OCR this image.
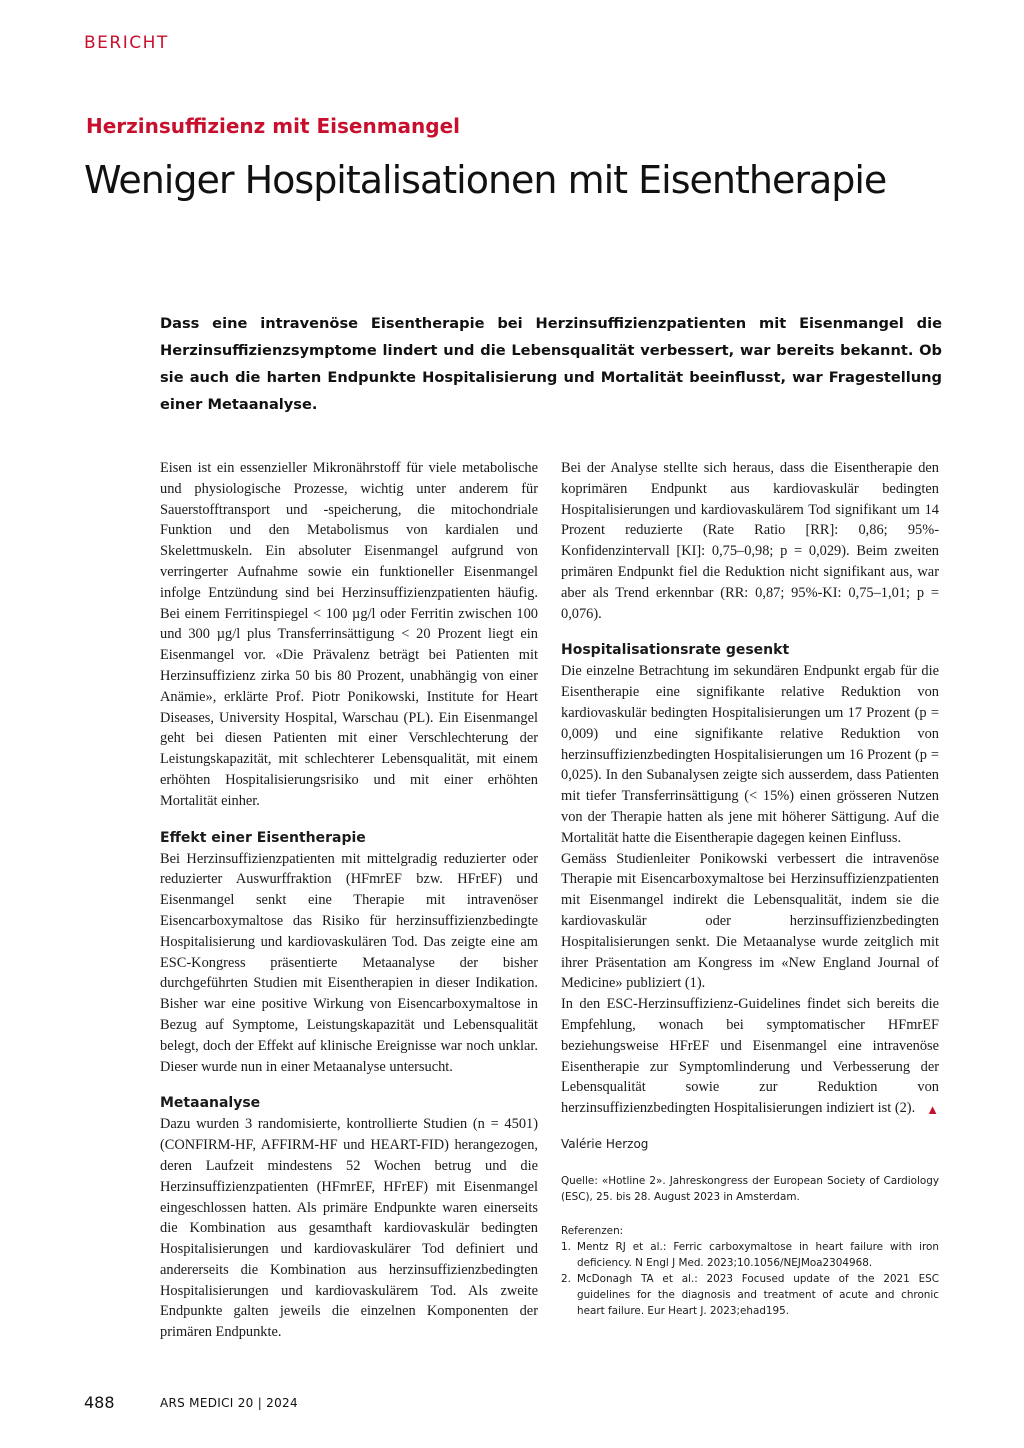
BERICHT
Herzinsuffizienz mit Eisenmangel
Weniger Hospitalisationen mit Eisentherapie

Dass eine intravenöse Eisentherapie bei Herzinsuffizienzpatienten mit Eisenmangel die Herzinsuffizienzsymptome lindert und die Lebensqualität verbessert, war bereits bekannt. Ob sie auch die harten Endpunkte Hospitalisierung und Mortalität beeinflusst, war Fragestellung einer Metaanalyse.

Eisen ist ein essenzieller Mikronährstoff für viele metabolische und physiologische Prozesse, wichtig unter anderem für Sauerstofftransport und -speicherung, die mitochondriale Funktion und den Metabolismus von kardialen und Skelettmuskeln. Ein absoluter Eisenmangel aufgrund von verringerter Aufnahme sowie ein funktioneller Eisenmangel infolge Entzündung sind bei Herzinsuffizienzpatienten häufig. Bei einem Ferritinspiegel < 100 µg/l oder Ferritin zwischen 100 und 300 µg/l plus Transferrinsättigung < 20 Prozent liegt ein Eisenmangel vor. «Die Prävalenz beträgt bei Patienten mit Herzinsuffizienz zirka 50 bis 80 Prozent, unabhängig von einer Anämie», erklärte Prof. Piotr Ponikowski, Institute for Heart Diseases, University Hospital, Warschau (PL). Ein Eisenmangel geht bei diesen Patienten mit einer Verschlechterung der Leistungskapazität, mit schlechterer Lebensqualität, mit einem erhöhten Hospitalisierungsrisiko und mit einer erhöhten Mortalität einher.

Effekt einer Eisentherapie

Bei Herzinsuffizienzpatienten mit mittelgradig reduzierter oder reduzierter Auswurffraktion (HFmrEF bzw. HFrEF) und Eisenmangel senkt eine Therapie mit intravenöser Eisencarboxymaltose das Risiko für herzinsuffizienzbedingte Hospitalisierung und kardiovaskulären Tod. Das zeigte eine am ESC-Kongress präsentierte Metaanalyse der bisher durchgeführten Studien mit Eisentherapien in dieser Indikation. Bisher war eine positive Wirkung von Eisencarboxymaltose in Bezug auf Symptome, Leistungskapazität und Lebensqualität belegt, doch der Effekt auf klinische Ereignisse war noch unklar. Dieser wurde nun in einer Metaanalyse untersucht.

Metaanalyse

Dazu wurden 3 randomisierte, kontrollierte Studien (n = 4501) (CONFIRM-HF, AFFIRM-HF und HEART-FID) herangezogen, deren Laufzeit mindestens 52 Wochen betrug und die Herzinsuffizienzpatienten (HFmrEF, HFrEF) mit Eisenmangel eingeschlossen hatten. Als primäre Endpunkte waren einerseits die Kombination aus gesamthaft kardiovaskulär bedingten Hospitalisierungen und kardiovaskulärer Tod definiert und andererseits die Kombination aus herzinsuffizienzbedingten Hospitalisierungen und kardiovaskulärem Tod. Als zweite Endpunkte galten jeweils die einzelnen Komponenten der primären Endpunkte.

Bei der Analyse stellte sich heraus, dass die Eisentherapie den koprimären Endpunkt aus kardiovaskulär bedingten Hospitalisierungen und kardiovaskulärem Tod signifikant um 14 Prozent reduzierte (Rate Ratio [RR]: 0,86; 95%-Konfidenzintervall [KI]: 0,75–0,98; p = 0,029). Beim zweiten primären Endpunkt fiel die Reduktion nicht signifikant aus, war aber als Trend erkennbar (RR: 0,87; 95%-KI: 0,75–1,01; p = 0,076).

Hospitalisationsrate gesenkt

Die einzelne Betrachtung im sekundären Endpunkt ergab für die Eisentherapie eine signifikante relative Reduktion von kardiovaskulär bedingten Hospitalisierungen um 17 Prozent (p = 0,009) und eine signifikante relative Reduktion von herzinsuffizienzbedingten Hospitalisierungen um 16 Prozent (p = 0,025). In den Subanalysen zeigte sich ausserdem, dass Patienten mit tiefer Transferrinsättigung (< 15%) einen grösseren Nutzen von der Therapie hatten als jene mit höherer Sättigung. Auf die Mortalität hatte die Eisentherapie dagegen keinen Einfluss.

Gemäss Studienleiter Ponikowski verbessert die intravenöse Therapie mit Eisencarboxymaltose bei Herzinsuffizienzpatienten mit Eisenmangel indirekt die Lebensqualität, indem sie die kardiovaskulär oder herzinsuffizienzbedingten Hospitalisierungen senkt. Die Metaanalyse wurde zeitglich mit ihrer Präsentation am Kongress im «New England Journal of Medicine» publiziert (1).

In den ESC-Herzinsuffizienz-Guidelines findet sich bereits die Empfehlung, wonach bei symptomatischer HFmrEF beziehungsweise HFrEF und Eisenmangel eine intravenöse Eisentherapie zur Symptomlinderung und Verbesserung der Lebensqualität sowie zur Reduktion von herzinsuffizienzbedingten Hospitalisierungen indiziert ist (2). ▲

Valérie Herzog

Quelle: «Hotline 2». Jahreskongress der European Society of Cardiology (ESC), 25. bis 28. August 2023 in Amsterdam.

Referenzen:

1. Mentz RJ et al.: Ferric carboxymaltose in heart failure with iron deficiency. N Engl J Med. 2023;10.1056/NEJMoa2304968.
2. McDonagh TA et al.: 2023 Focused update of the 2021 ESC guidelines for the diagnosis and treatment of acute and chronic heart failure. Eur Heart J. 2023;ehad195.
488	ARS MEDICI 20 | 2024
